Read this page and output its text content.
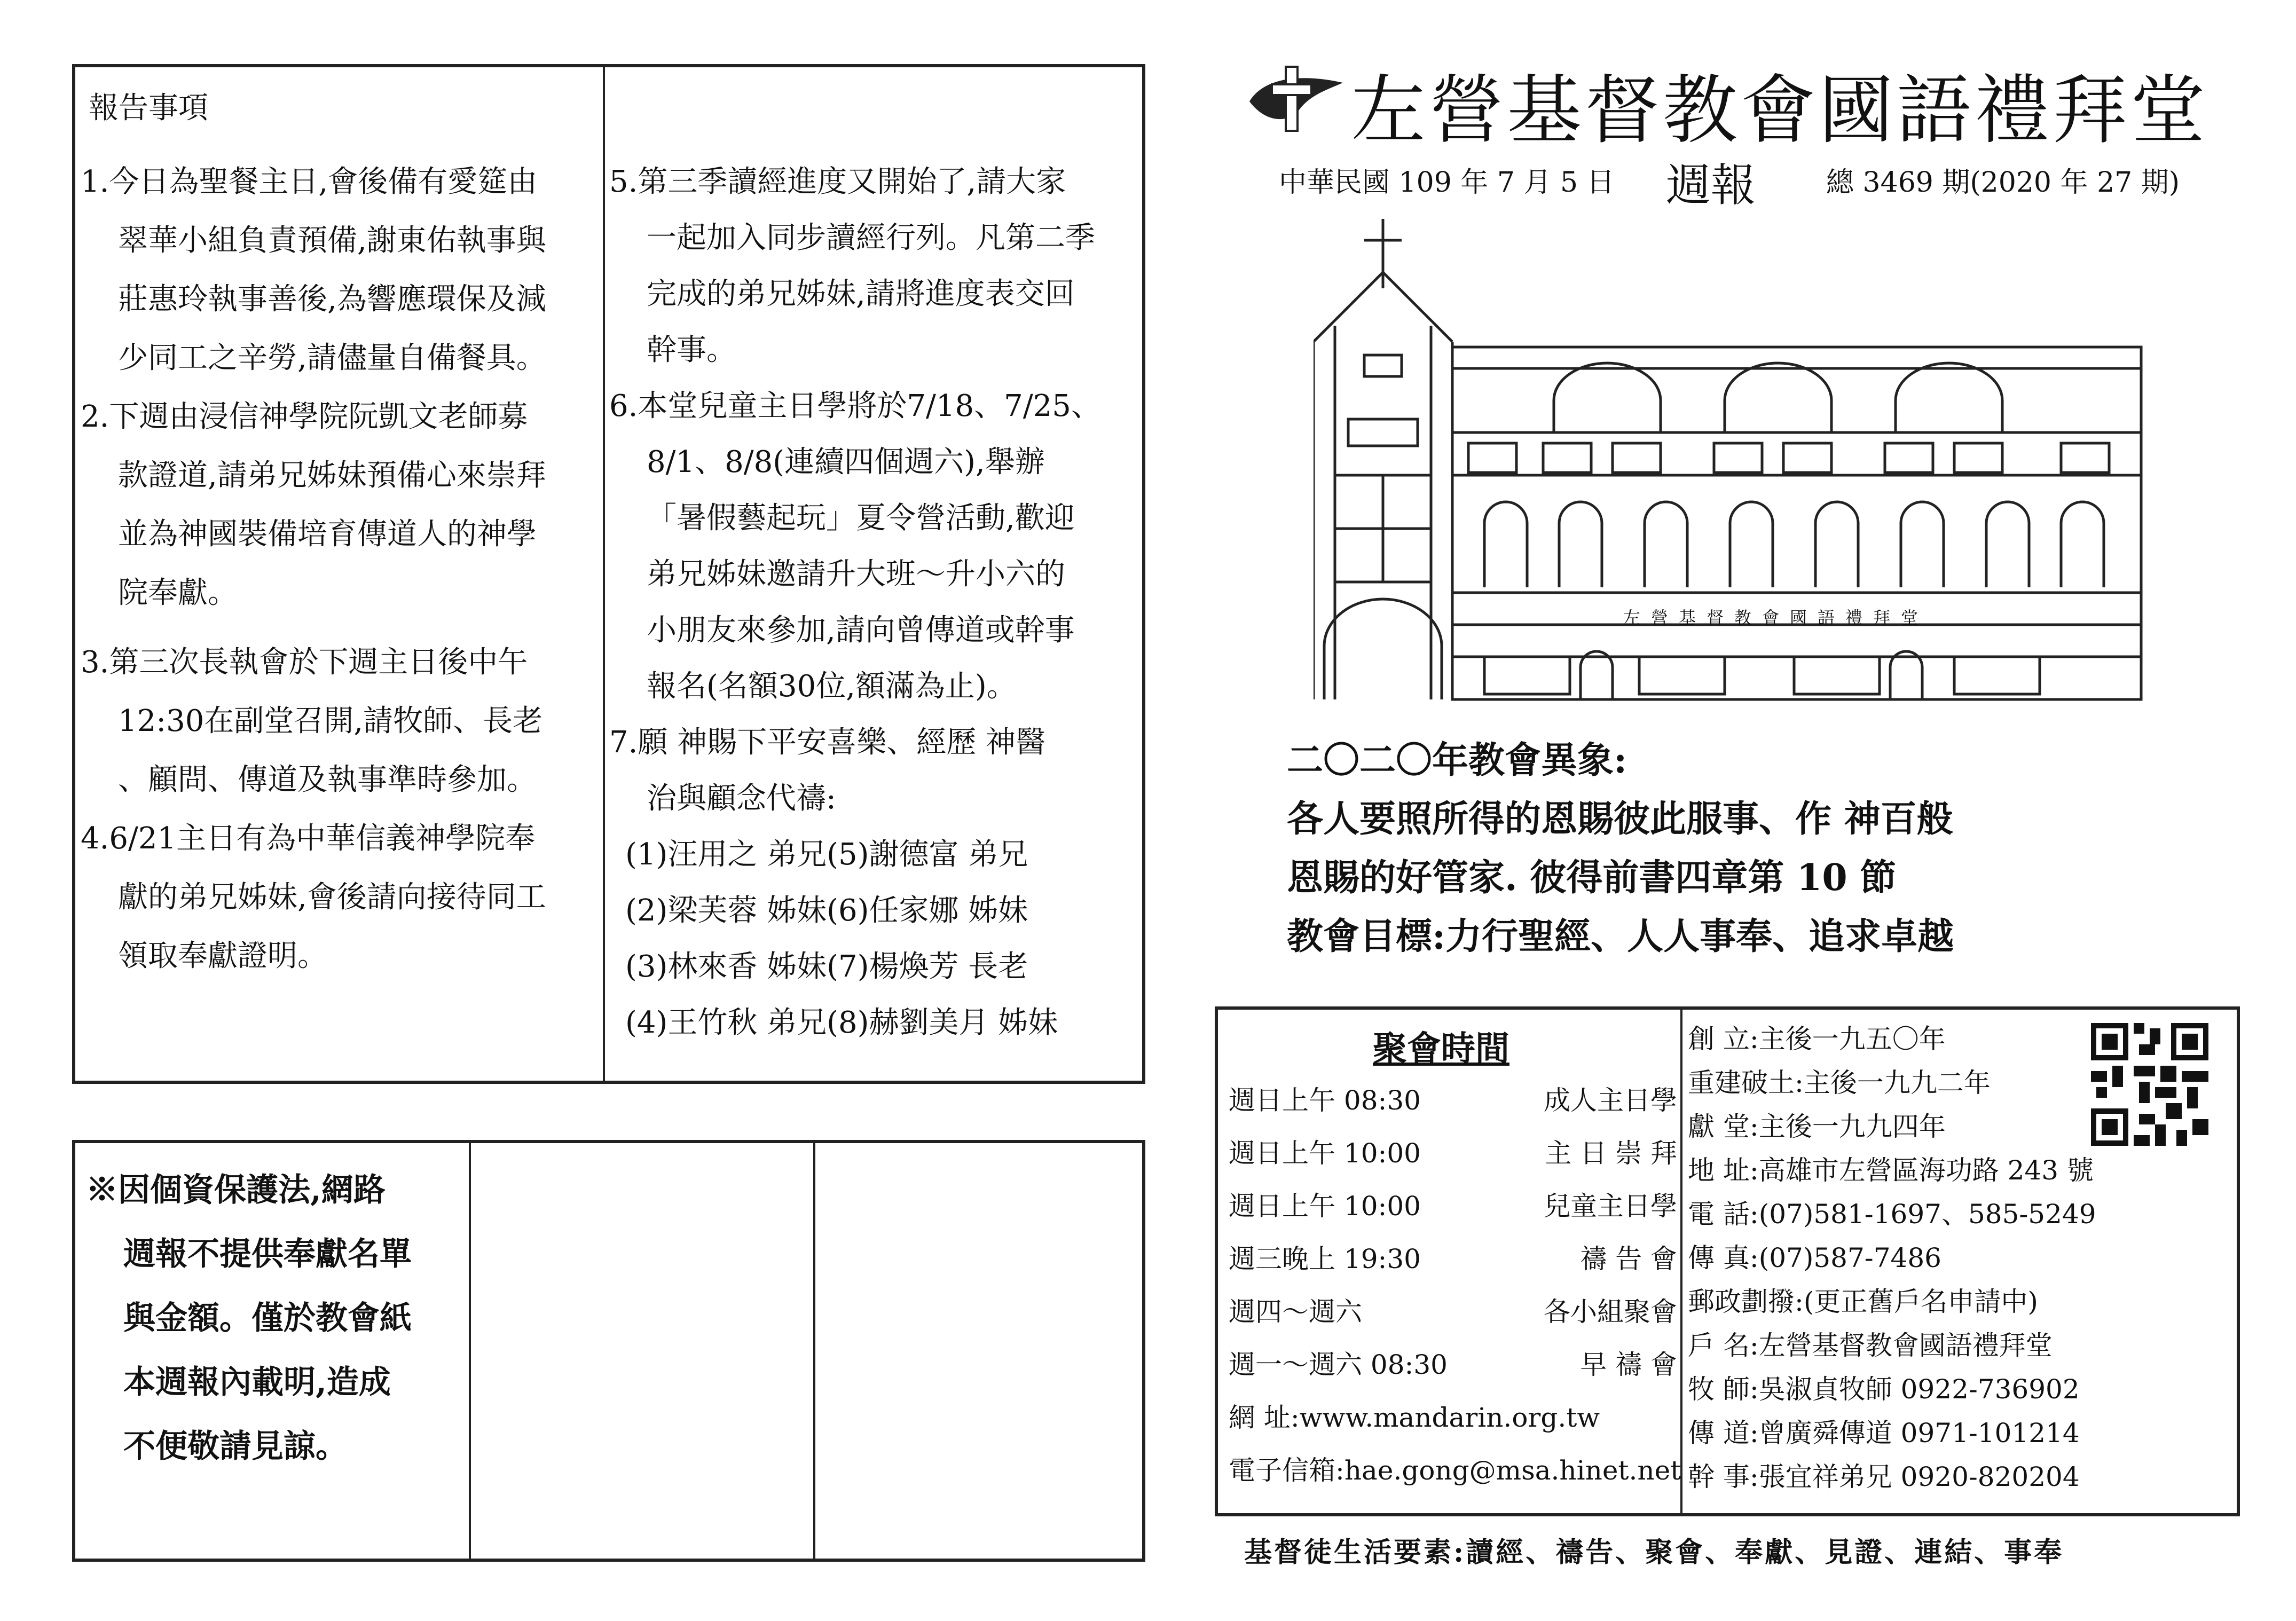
報告事項
1.今日為聖餐主日,會後備有愛筵由
翠華小組負責預備,謝東佑執事與
莊惠玲執事善後,為響應環保及減
少同工之辛勞,請儘量自備餐具。
2.下週由浸信神學院阮凱文老師募
款證道,請弟兄姊妹預備心來崇拜
並為神國裝備培育傳道人的神學
院奉獻。
3.第三次長執會於下週主日後中午
12:30在副堂召開,請牧師、長老
、顧問、傳道及執事準時參加。
4.6/21主日有為中華信義神學院奉
獻的弟兄姊妹,會後請向接待同工
領取奉獻證明。
5.第三季讀經進度又開始了,請大家
一起加入同步讀經行列。凡第二季
完成的弟兄姊妹,請將進度表交回
幹事。
6.本堂兒童主日學將於7/18、7/25、
8/1、8/8(連續四個週六),舉辦
「暑假藝起玩」夏令營活動,歡迎
弟兄姊妹邀請升大班～升小六的
小朋友來參加,請向曾傳道或幹事
報名(名額30位,額滿為止)。
7.願 神賜下平安喜樂、經歷 神醫
治與顧念代禱:
(1)汪用之 弟兄(5)謝德富 弟兄
(2)梁芙蓉 姊妹(6)任家娜 姊妹
(3)林來香 姊妹(7)楊煥芳 長老
(4)王竹秋 弟兄(8)赫劉美月 姊妹
※因個資保護法,網路
週報不提供奉獻名單
與金額。僅於教會紙
本週報內載明,造成
不便敬請見諒。
左營基督教會國語禮拜堂
中華民國 109 年 7 月 5 日 週報	總 3469 期(2020 年 27 期)
左營基督教會國語禮拜堂
二〇二〇年教會異象:
各人要照所得的恩賜彼此服事、作 神百般
恩賜的好管家. 彼得前書四章第 10 節
教會目標:力行聖經、人人事奉、追求卓越
聚會時間
週日上午 08:30	成人主日學
週日上午 10:00	主 日 崇 拜
週日上午 10:00	兒童主日學
週三晚上 19:30	禱 告 會
週四～週六	各小組聚會
週一～週六 08:30	早 禱 會
網 址:www.mandarin.org.tw
電子信箱:hae.gong@msa.hinet.net
創 立:主後一九五〇年
重建破土:主後一九九二年
獻 堂:主後一九九四年
地 址:高雄市左營區海功路 243 號
電 話:(07)581-1697、585-5249
傳 真:(07)587-7486
郵政劃撥:(更正舊戶名申請中)
戶 名:左營基督教會國語禮拜堂
牧 師:吳淑貞牧師 0922-736902
傳 道:曾廣舜傳道 0971-101214
幹 事:張宜祥弟兄 0920-820204
基督徒生活要素:讀經、禱告、聚會、奉獻、見證、連結、事奉
